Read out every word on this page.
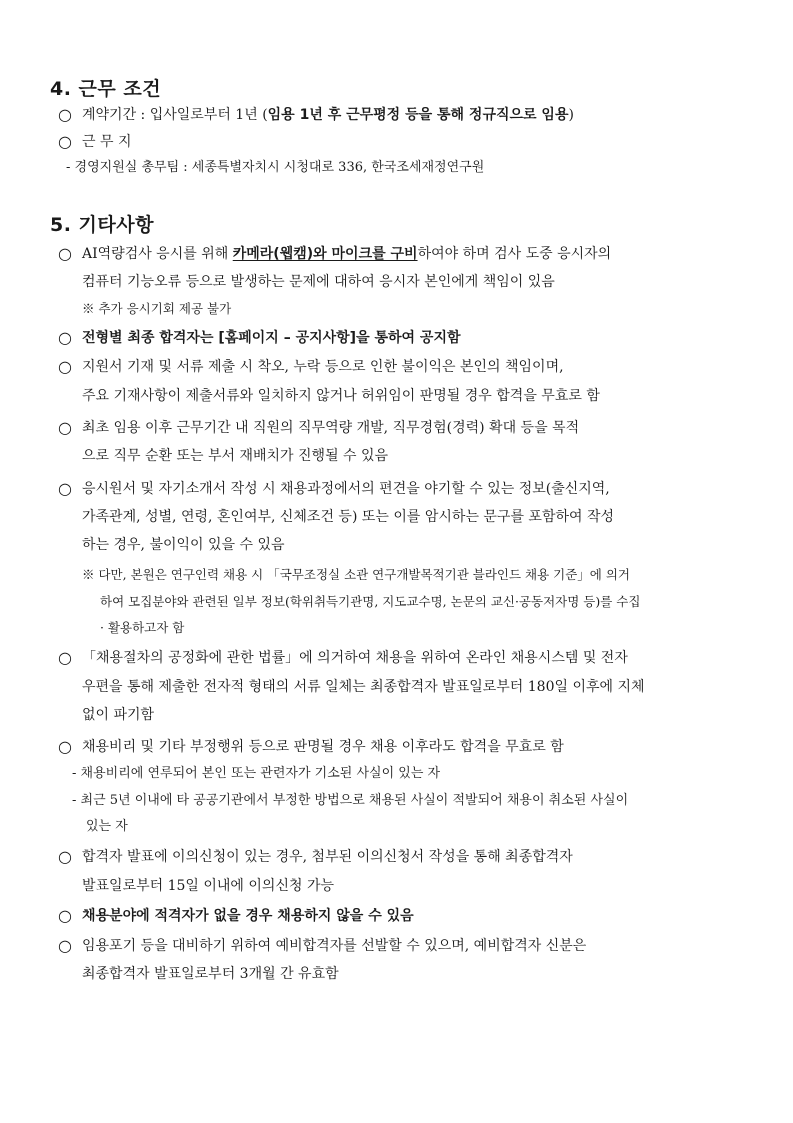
4. 근무 조건
○ 계약기간 : 입사일로부터 1년 (임용 1년 후 근무평정 등을 통해 정규직으로 임용)
○ 근 무 지
- 경영지원실 총무팀 : 세종특별자치시 시청대로 336, 한국조세재정연구원
5. 기타사항
○ AI역량검사 응시를 위해 카메라(웹캠)와 마이크를 구비하여야 하며 검사 도중 응시자의
컴퓨터 기능오류 등으로 발생하는 문제에 대하여 응시자 본인에게 책임이 있음
※ 추가 응시기회 제공 불가
○ 전형별 최종 합격자는 [홈페이지 – 공지사항]을 통하여 공지함
○ 지원서 기재 및 서류 제출 시 착오, 누락 등으로 인한 불이익은 본인의 책임이며,
주요 기재사항이 제출서류와 일치하지 않거나 허위임이 판명될 경우 합격을 무효로 함
○ 최초 임용 이후 근무기간 내 직원의 직무역량 개발, 직무경험(경력) 확대 등을 목적
으로 직무 순환 또는 부서 재배치가 진행될 수 있음
○ 응시원서 및 자기소개서 작성 시 채용과정에서의 편견을 야기할 수 있는 정보(출신지역,
가족관계, 성별, 연령, 혼인여부, 신체조건 등) 또는 이를 암시하는 문구를 포함하여 작성
하는 경우, 불이익이 있을 수 있음
※ 다만, 본원은 연구인력 채용 시 「국무조정실 소관 연구개발목적기관 블라인드 채용 기준」에 의거
하여 모집분야와 관련된 일부 정보(학위취득기관명, 지도교수명, 논문의 교신·공동저자명 등)를 수집
· 활용하고자 함
○ 「채용절차의 공정화에 관한 법률」에 의거하여 채용을 위하여 온라인 채용시스템 및 전자
우편을 통해 제출한 전자적 형태의 서류 일체는 최종합격자 발표일로부터 180일 이후에 지체
없이 파기함
○ 채용비리 및 기타 부정행위 등으로 판명될 경우 채용 이후라도 합격을 무효로 함
- 채용비리에 연루되어 본인 또는 관련자가 기소된 사실이 있는 자
- 최근 5년 이내에 타 공공기관에서 부정한 방법으로 채용된 사실이 적발되어 채용이 취소된 사실이
있는 자
○ 합격자 발표에 이의신청이 있는 경우, 첨부된 이의신청서 작성을 통해 최종합격자
발표일로부터 15일 이내에 이의신청 가능
○ 채용분야에 적격자가 없을 경우 채용하지 않을 수 있음
○ 임용포기 등을 대비하기 위하여 예비합격자를 선발할 수 있으며, 예비합격자 신분은
최종합격자 발표일로부터 3개월 간 유효함
